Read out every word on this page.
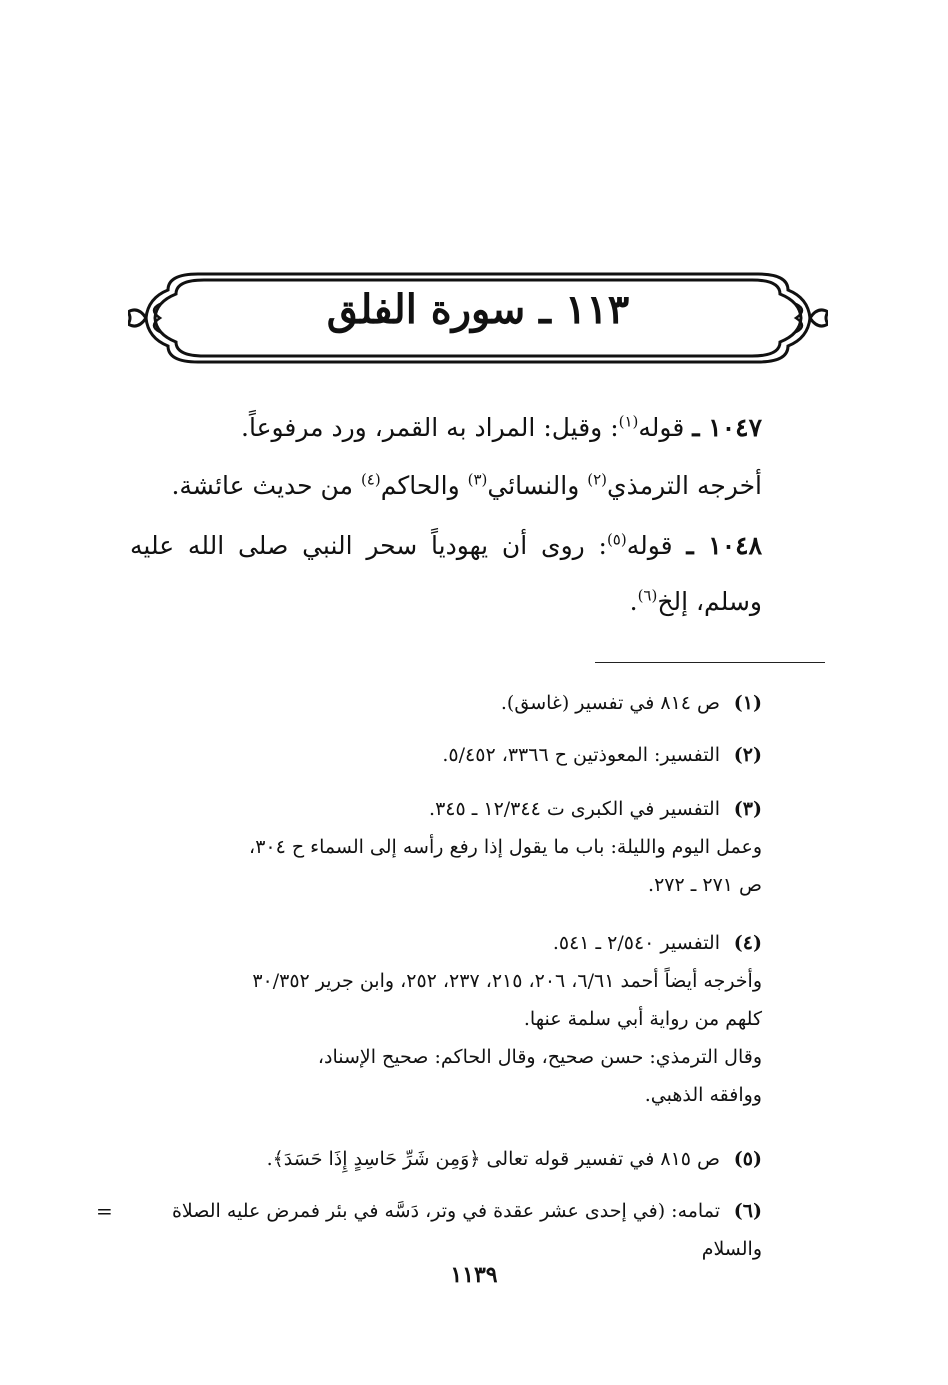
١١٣ ـ سورة الفلق
١٠٤٧ ـ قوله$^{(١)}$: وقيل: المراد به القمر، ورد مرفوعاً.
أخرجه الترمذي$^{(٢)}$ والنسائي$^{(٣)}$ والحاكم$^{(٤)}$ من حديث عائشة.
١٠٤٨ ـ قوله$^{(٥)}$: روى أن يهودياً سحر النبي صلى الله عليه وسلم، إلخ$^{(٦)}$.
(١)ص ٨١٤ في تفسير (غاسق).
(٢)التفسير: المعوذتين ح ٣٣٦٦، ٥/٤٥٢.
(٣)التفسير في الكبرى ت ١٢/٣٤٤ ـ ٣٤٥.
وعمل اليوم والليلة: باب ما يقول إذا رفع رأسه إلى السماء ح ٣٠٤،
ص ٢٧١ ـ ٢٧٢.
(٤)التفسير ٢/٥٤٠ ـ ٥٤١.
وأخرجه أيضاً أحمد ٦/٦١، ٢٠٦، ٢١٥، ٢٣٧، ٢٥٢، وابن جرير ٣٠/٣٥٢
كلهم من رواية أبي سلمة عنها.
وقال الترمذي: حسن صحيح، وقال الحاكم: صحيح الإسناد،
ووافقه الذهبي.
(٥)ص ٨١٥ في تفسير قوله تعالى ﴿وَمِن شَرِّ حَاسِدٍ إِذَا حَسَدَ﴾.
(٦)تمامه: (في إحدى عشر عقدة في وتر، دَسَّه في بئر فمرض عليه الصلاة والسلام
=
١١٣٩
